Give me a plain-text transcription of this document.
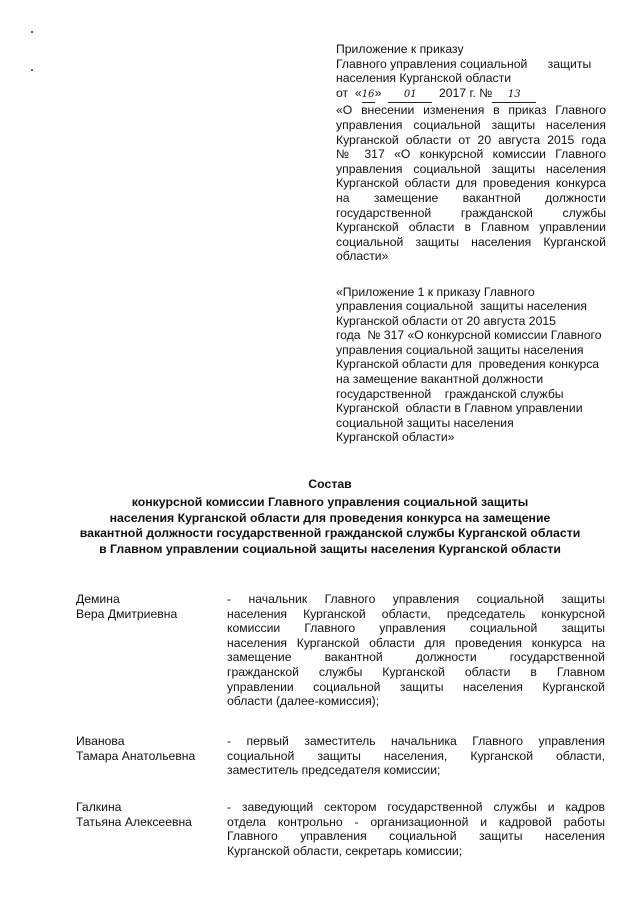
Приложение к приказу

Главного управления социальной      защиты

населения Курганской области

от  «16»  01  2017 г. № 13

«О внесении изменения в приказ Главного

управления социальной защиты населения

Курганской области от 20 августа 2015 года

№ 317 «О конкурсной комиссии Главного

управления социальной защиты населения

Курганской области для проведения конкурса

на замещение вакантной должности

государственной гражданской службы

Курганской области в Главном управлении

социальной защиты населения Курганской

области»

«Приложение 1 к приказу Главного

управления социальной  защиты населения

Курганской области от 20 августа 2015

года  № 317 «О конкурсной комиссии Главного

управления социальной защиты населения

Курганской области для  проведения конкурса

на замещение вакантной должности

государственной    гражданской службы

Курганской  области в Главном управлении

социальной защиты населения

Курганской области»

Состав
конкурсной комиссии Главного управления социальной защиты
населения Курганской области для проведения конкурса на замещение
вакантной должности государственной гражданской службы Курганской области
в Главном управлении социальной защиты населения Курганской области
Демина
Вера Дмитриевна
- начальник Главного управления социальной защиты
населения Курганской области, председатель конкурсной
комиссии Главного управления социальной защиты
населения Курганской области для проведения конкурса на
замещение вакантной должности государственной
гражданской службы Курганской области в Главном
управлении социальной защиты населения Курганской
области (далее-комиссия);
Иванова
Тамара Анатольевна
- первый заместитель начальника Главного управления
социальной защиты населения, Курганской области,
заместитель председателя комиссии;
Галкина
Татьяна Алексеевна
- заведующий сектором государственной службы и кадров
отдела контрольно - организационной и кадровой работы
Главного управления социальной защиты населения
Курганской области, секретарь комиссии;
